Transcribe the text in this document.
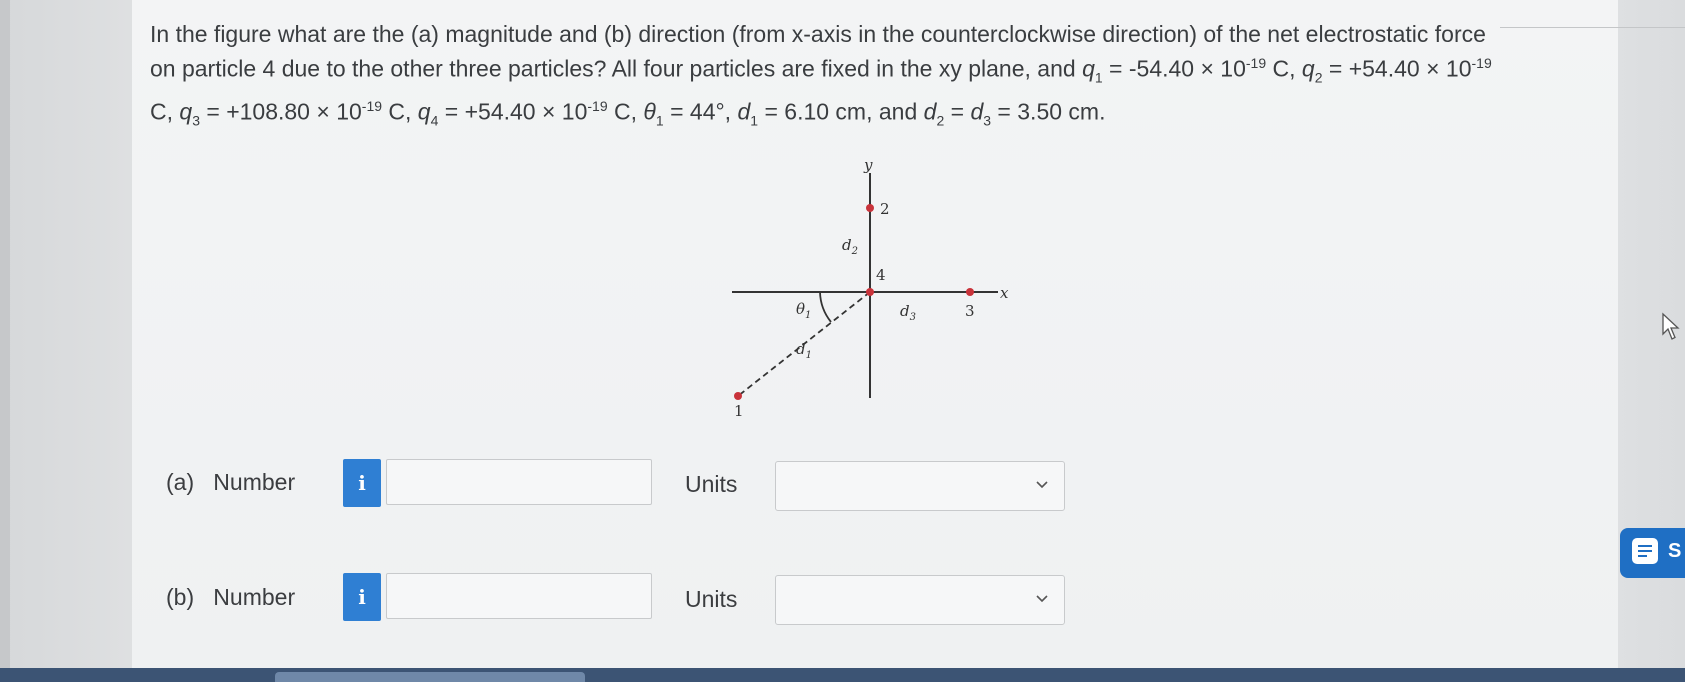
In the figure what are the (a) magnitude and (b) direction (from x-axis in the counterclockwise direction) of the net electrostatic force

on particle 4 due to the other three particles? All four particles are fixed in the xy plane, and $q_1 = -54.40 \times 10^{-19}$ C, $q_2 = +54.40 \times 10^{-19}$

C, $q_3 = +108.80 \times 10^{-19}$ C, $q_4 = +54.40 \times 10^{-19}$ C, $\theta_1 = 44^\circ$, $d_1 = 6.10$ cm, and $d_2 = d_3 = 3.50$ cm.

y
x
2
4
3
1
$d_2$
$d_3$
$d_1$
$\theta_1$
(a) Number	i	Units
(b) Number	i	Units
S
